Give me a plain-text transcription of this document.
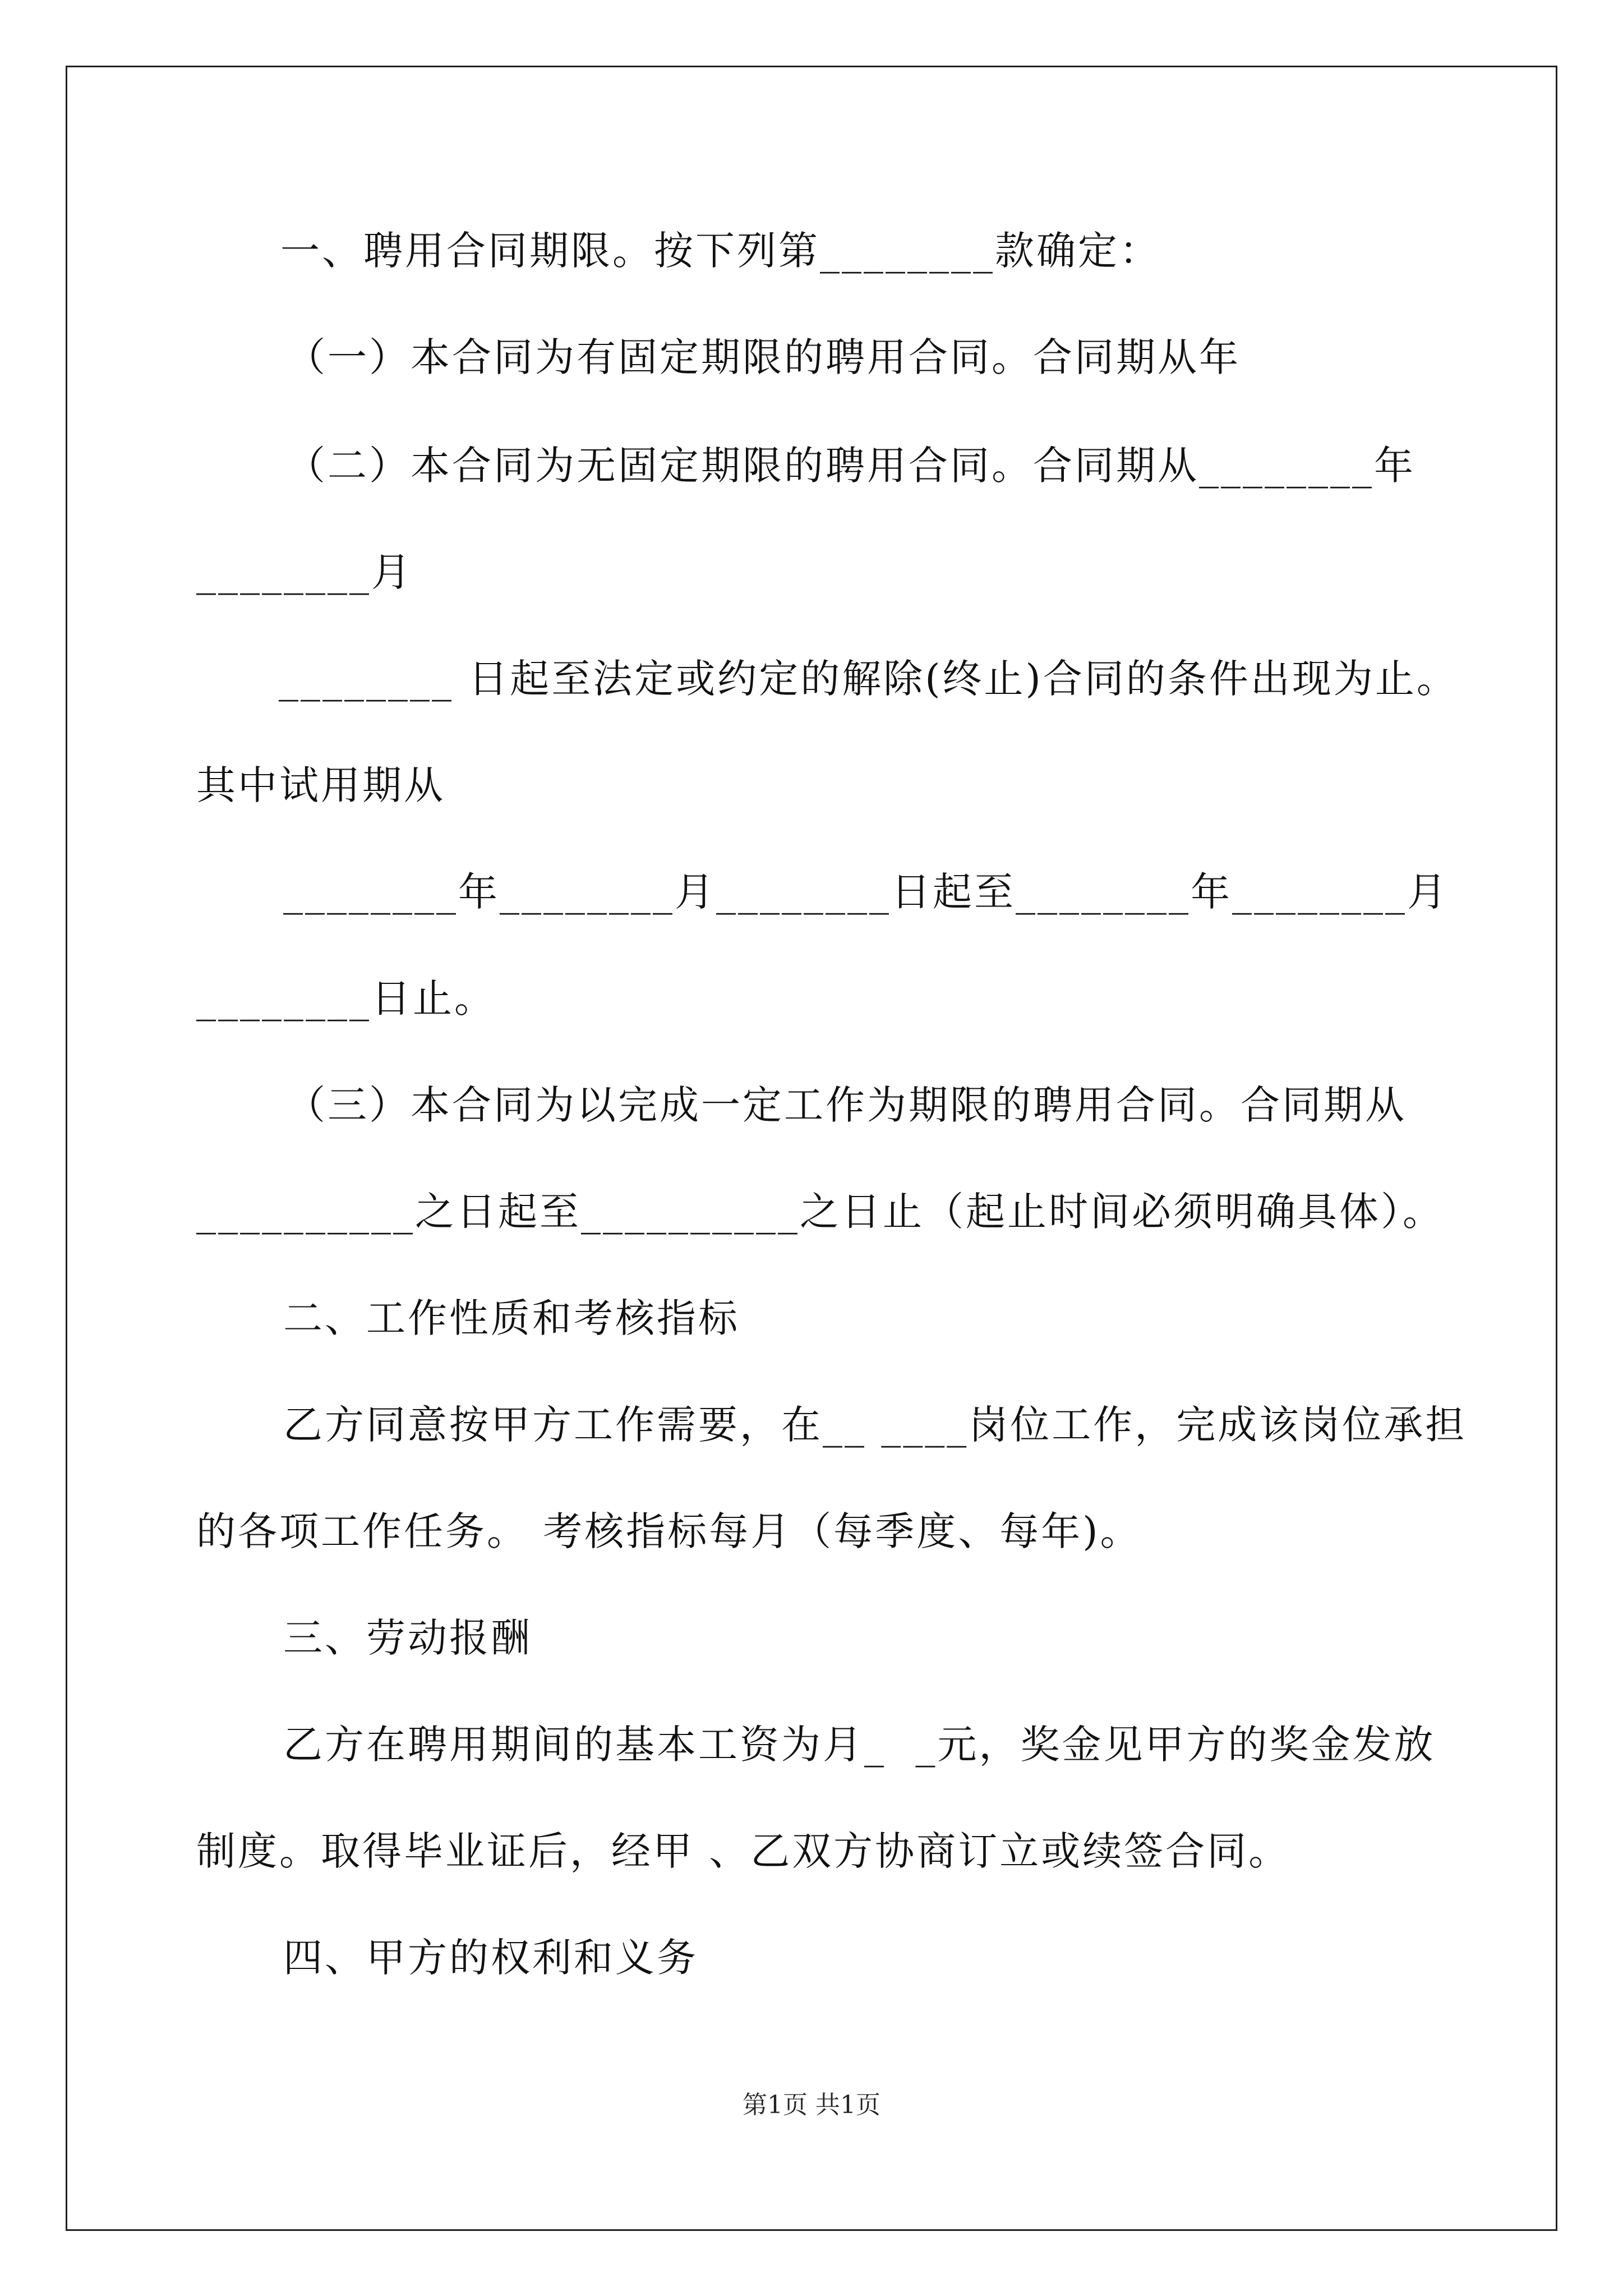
一、聘用合同期限。按下列第________款确定：
（一）本合同为有固定期限的聘用合同。合同期从年
（二）本合同为无固定期限的聘用合同。合同期从________年
________月
________ 日起至法定或约定的解除(终止)合同的条件出现为止。
其中试用期从
________年________月________日起至________年________月
________日止。
（三）本合同为以完成一定工作为期限的聘用合同。合同期从
__________之日起至__________之日止（起止时间必须明确具体）。
二、工作性质和考核指标
乙方同意按甲方工作需要，在__ ____岗位工作，完成该岗位承担
的各项工作任务。 考核指标每月（每季度、每年)。
三、劳动报酬
乙方在聘用期间的基本工资为月_  _元，奖金见甲方的奖金发放
制度。取得毕业证后，经甲 、乙双方协商订立或续签合同。
四、甲方的权利和义务
第1页 共1页
